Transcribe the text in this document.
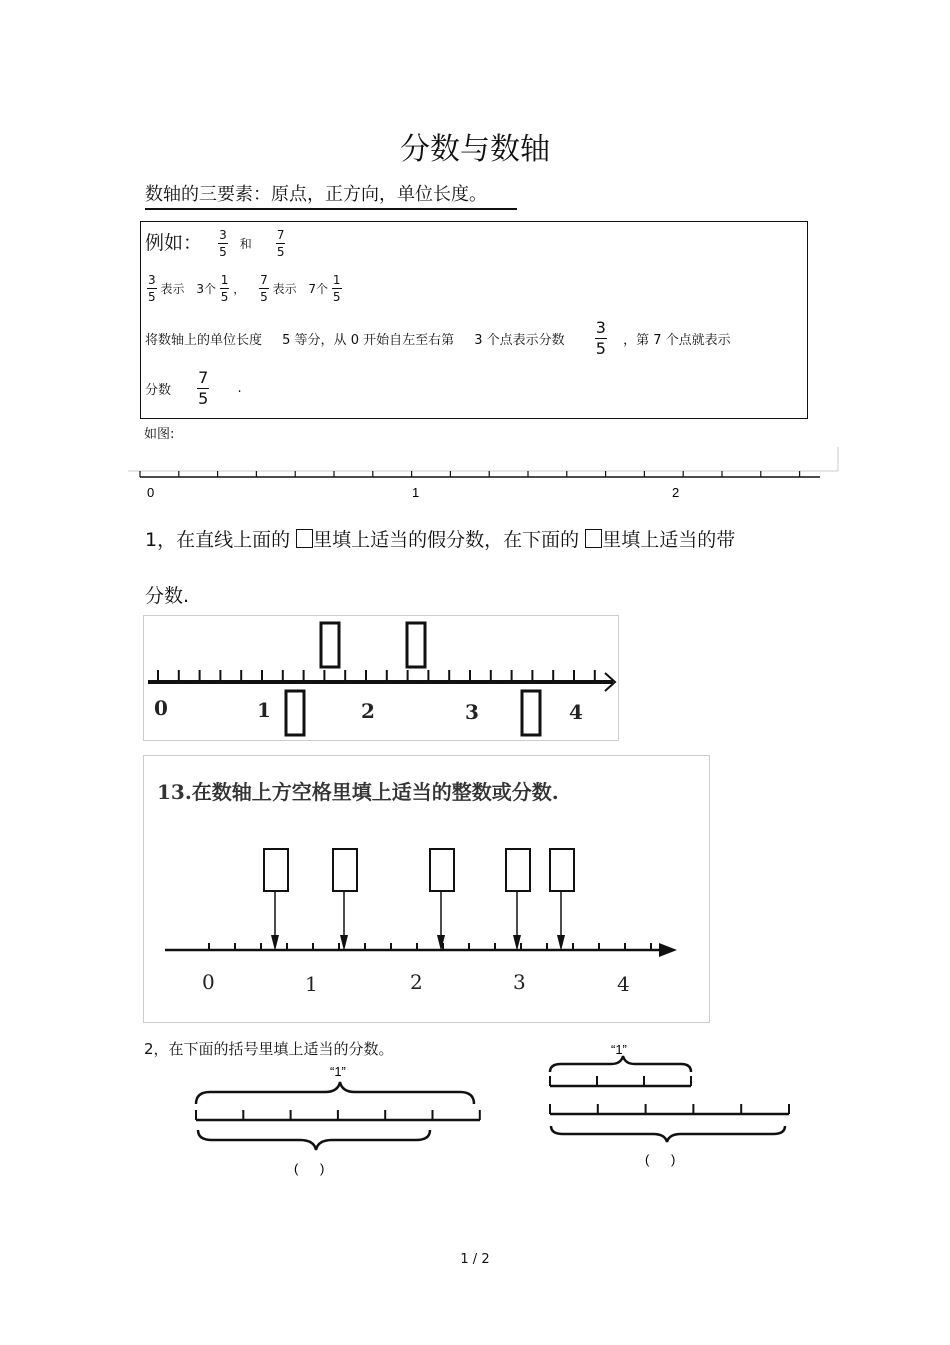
分数与数轴
数轴的三要素：原点，正方向，单位长度。
例如： $\frac{3}{5}$ 和 $\frac{7}{5}$
$\frac{3}{5}$ 表示 3个 $\frac{1}{5}$ ， $\frac{7}{5}$ 表示 7个 $\frac{1}{5}$
将数轴上的单位长度 5 等分，从 0 开始自左至右第 3 个点表示分数 $\frac{3}{5}$ ，第 7 个点就表示
分数 $\frac{7}{5}$ .
如图:
0	1	2
1，在直线上面的 里填上适当的假分数，在下面的 里填上适当的带
分数.
0	1	2	3	4
13.在数轴上方空格里填上适当的整数或分数.
0	1	2	3	4
2，在下面的括号里填上适当的分数。
“1”
(      )
“1”
(      )
1 / 2
